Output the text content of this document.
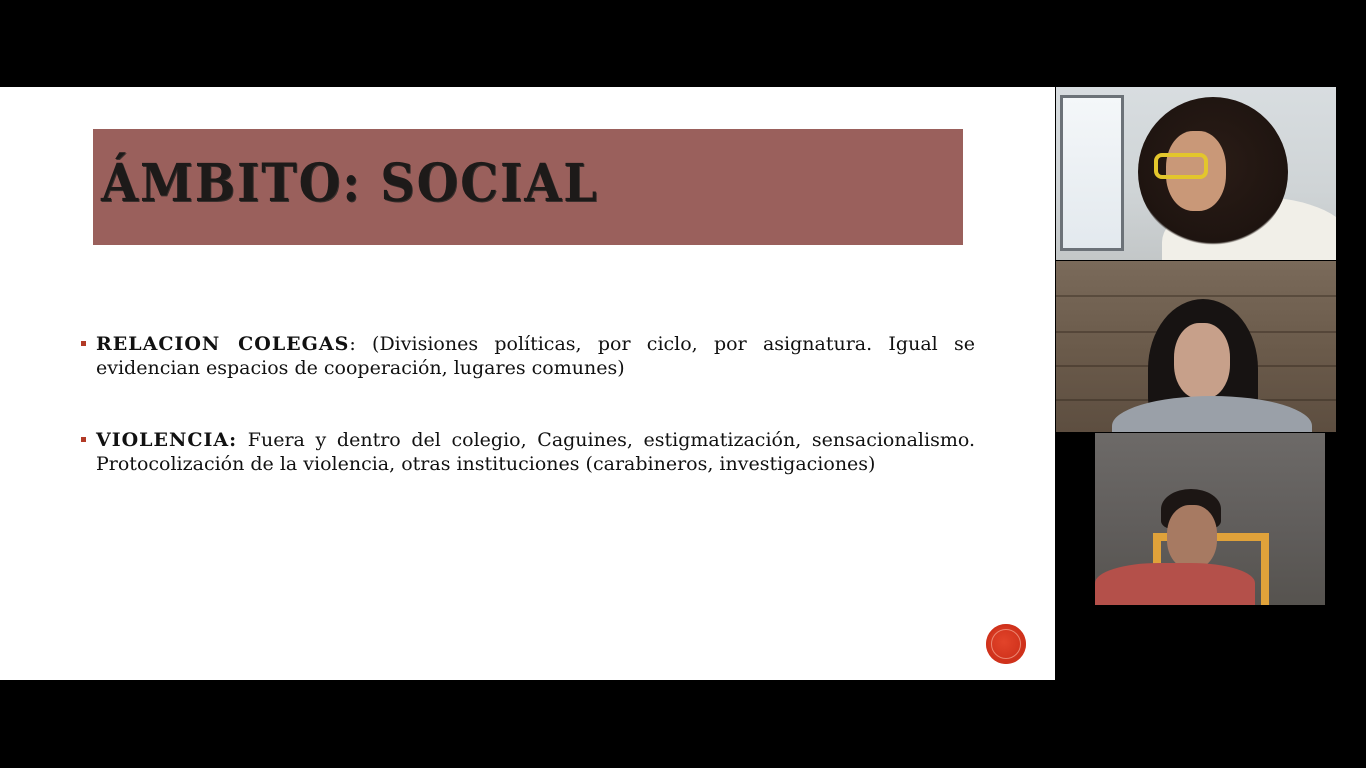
ÁMBITO: SOCIAL
RELACION COLEGAS: (Divisiones políticas, por ciclo, por asignatura. Igual se evidencian espacios de cooperación, lugares comunes)
VIOLENCIA: Fuera y dentro del colegio, Caguines, estigmatización, sensacionalismo. Protocolización de la violencia, otras instituciones (carabineros, investigaciones)
